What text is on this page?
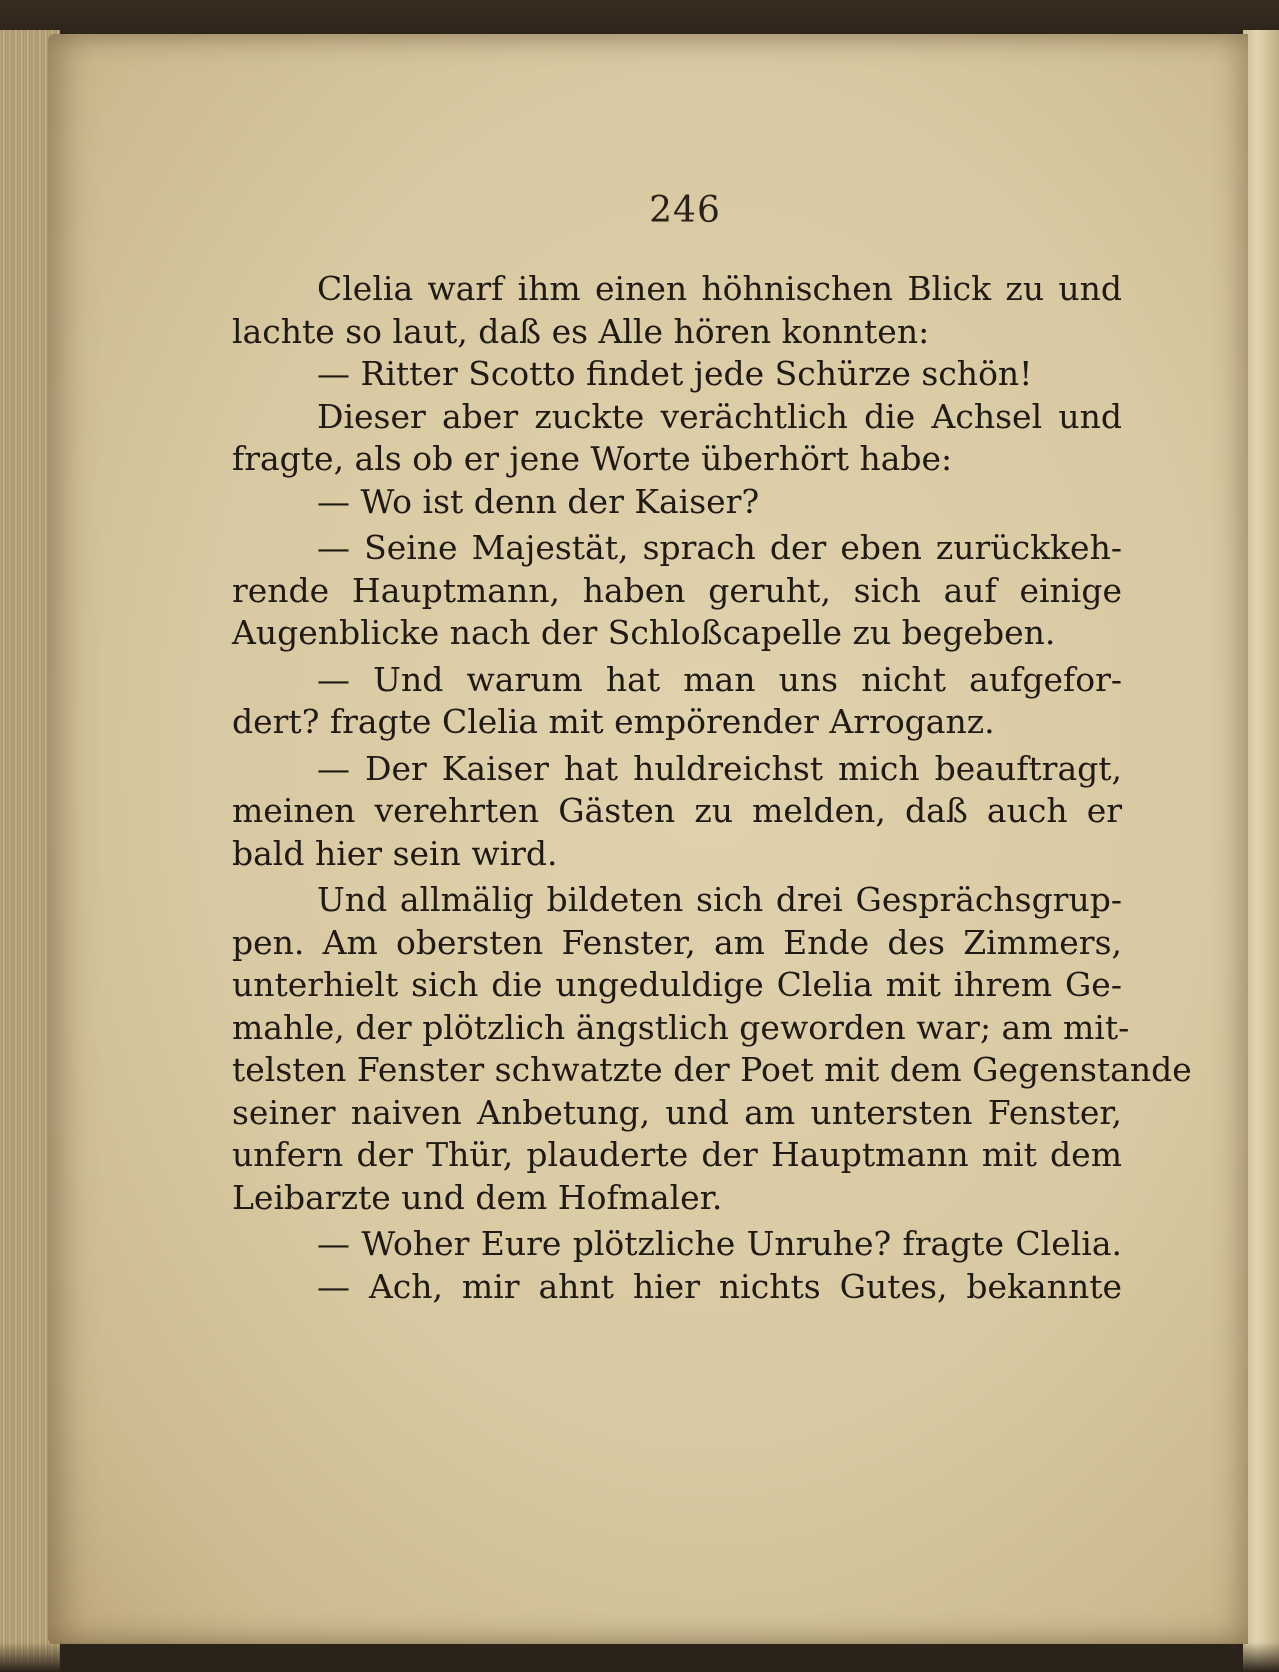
246
Clelia warf ihm einen höhnischen Blick zu und
lachte so laut, daß es Alle hören konnten:
— Ritter Scotto findet jede Schürze schön!
Dieser aber zuckte verächtlich die Achsel und
fragte, als ob er jene Worte überhört habe:
— Wo ist denn der Kaiser?
— Seine Majestät, sprach der eben zurückkeh-
rende Hauptmann, haben geruht, sich auf einige
Augenblicke nach der Schloßcapelle zu begeben.
— Und warum hat man uns nicht aufgefor-
dert? fragte Clelia mit empörender Arroganz.
— Der Kaiser hat huldreichst mich beauftragt,
meinen verehrten Gästen zu melden, daß auch er
bald hier sein wird.
Und allmälig bildeten sich drei Gesprächsgrup-
pen. Am obersten Fenster, am Ende des Zimmers,
unterhielt sich die ungeduldige Clelia mit ihrem Ge-
mahle, der plötzlich ängstlich geworden war; am mit-
telsten Fenster schwatzte der Poet mit dem Gegenstande
seiner naiven Anbetung, und am untersten Fenster,
unfern der Thür, plauderte der Hauptmann mit dem
Leibarzte und dem Hofmaler.
— Woher Eure plötzliche Unruhe? fragte Clelia.
— Ach, mir ahnt hier nichts Gutes, bekannte
